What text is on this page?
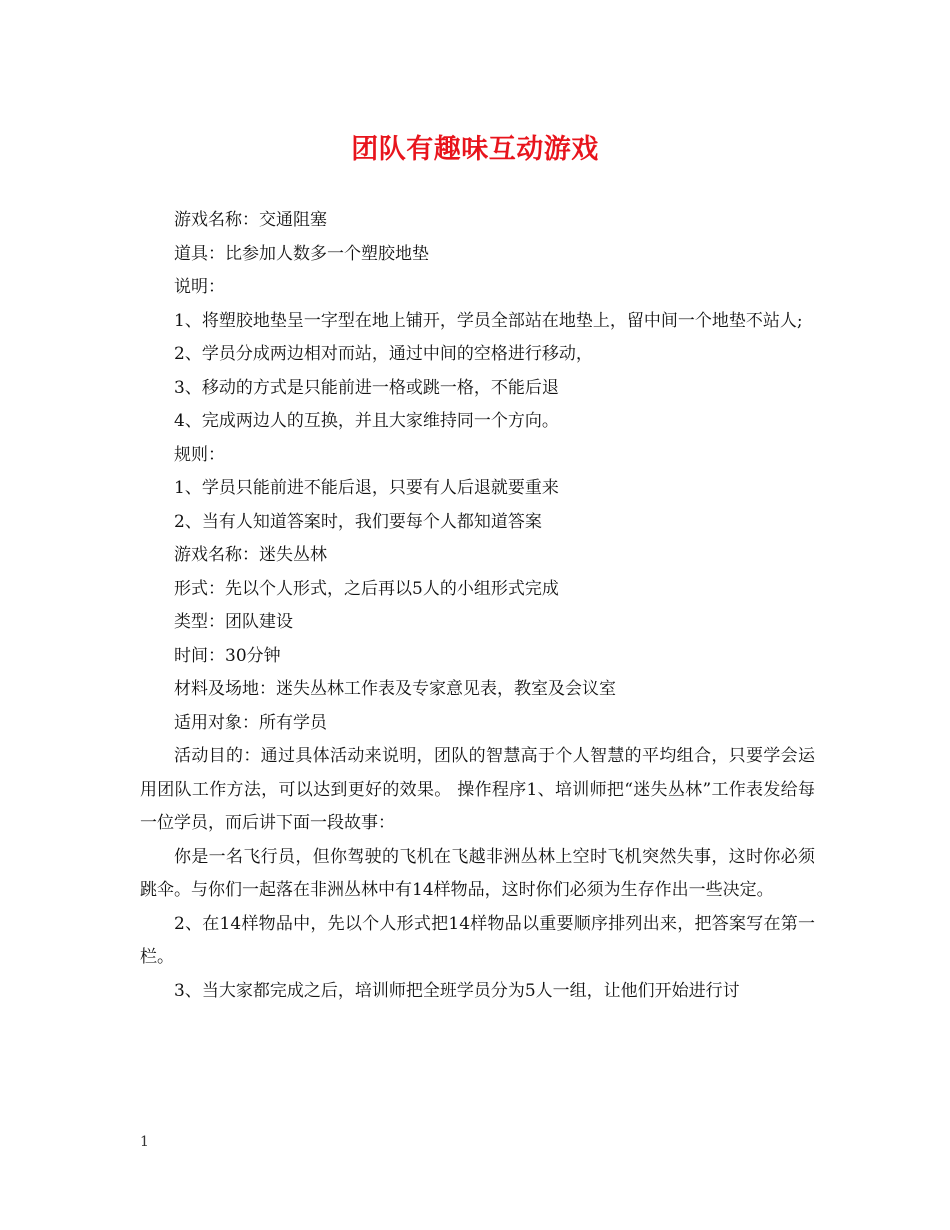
团队有趣味互动游戏

游戏名称：交通阻塞

道具：比参加人数多一个塑胶地垫

说明：

1、将塑胶地垫呈一字型在地上铺开，学员全部站在地垫上，留中间一个地垫不站人;

2、学员分成两边相对而站，通过中间的空格进行移动，

3、移动的方式是只能前进一格或跳一格，不能后退

4、完成两边人的互换，并且大家维持同一个方向。

规则：

1、学员只能前进不能后退，只要有人后退就要重来

2、当有人知道答案时，我们要每个人都知道答案

游戏名称：迷失丛林

形式：先以个人形式，之后再以5人的小组形式完成

类型：团队建设

时间：30分钟

材料及场地：迷失丛林工作表及专家意见表，教室及会议室

适用对象：所有学员

活动目的：通过具体活动来说明，团队的智慧高于个人智慧的平均组合，只要学会运用团队工作方法，可以达到更好的效果。 操作程序1、培训师把“迷失丛林”工作表发给每一位学员，而后讲下面一段故事：

你是一名飞行员，但你驾驶的飞机在飞越非洲丛林上空时飞机突然失事，这时你必须跳伞。与你们一起落在非洲丛林中有14样物品，这时你们必须为生存作出一些决定。

2、在14样物品中，先以个人形式把14样物品以重要顺序排列出来，把答案写在第一栏。

3、当大家都完成之后，培训师把全班学员分为5人一组，让他们开始进行讨

1
